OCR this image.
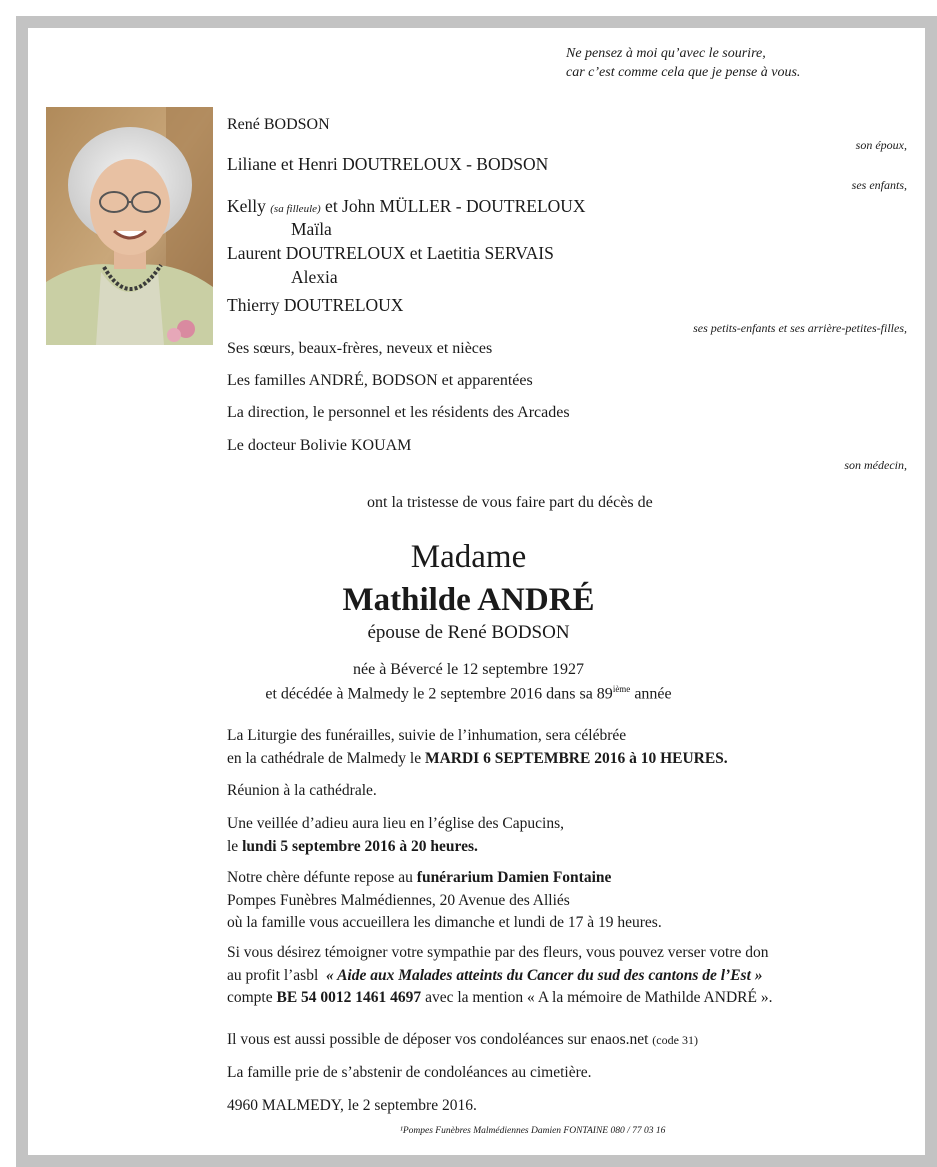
Ne pensez à moi qu’avec le sourire,
car c’est comme cela que je pense à vous.
René BODSON
son époux,
Liliane et Henri DOUTRELOUX - BODSON
ses enfants,
Kelly (sa filleule) et John MÜLLER - DOUTRELOUX
Maïla
Laurent DOUTRELOUX et Laetitia SERVAIS
Alexia
Thierry DOUTRELOUX
ses petits-enfants et ses arrière-petites-filles,
Ses sœurs, beaux-frères, neveux et nièces
Les familles ANDRÉ, BODSON et apparentées
La direction, le personnel et les résidents des Arcades
Le docteur Bolivie KOUAM
son médecin,
ont la tristesse de vous faire part du décès de
Madame
Mathilde ANDRÉ
épouse de René BODSON
née à Bévercé le 12 septembre 1927
et décédée à Malmedy le 2 septembre 2016 dans sa 89ième année
La Liturgie des funérailles, suivie de l’inhumation, sera célébrée
en la cathédrale de Malmedy le MARDI 6 SEPTEMBRE 2016 à 10 HEURES.
Réunion à la cathédrale.
Une veillée d’adieu aura lieu en l’église des Capucins,
le lundi 5 septembre 2016 à 20 heures.
Notre chère défunte repose au funérarium Damien Fontaine
Pompes Funèbres Malmédiennes, 20 Avenue des Alliés
où la famille vous accueillera les dimanche et lundi de 17 à 19 heures.
Si vous désirez témoigner votre sympathie par des fleurs, vous pouvez verser votre don
au profit l’asbl « Aide aux Malades atteints du Cancer du sud des cantons de l’Est »
compte BE 54 0012 1461 4697 avec la mention « A la mémoire de Mathilde ANDRÉ ».
Il vous est aussi possible de déposer vos condoléances sur enaos.net (code 31)
La famille prie de s’abstenir de condoléances au cimetière.
4960 MALMEDY, le 2 septembre 2016.
¹Pompes Funèbres Malmédiennes Damien FONTAINE 080 / 77 03 16
